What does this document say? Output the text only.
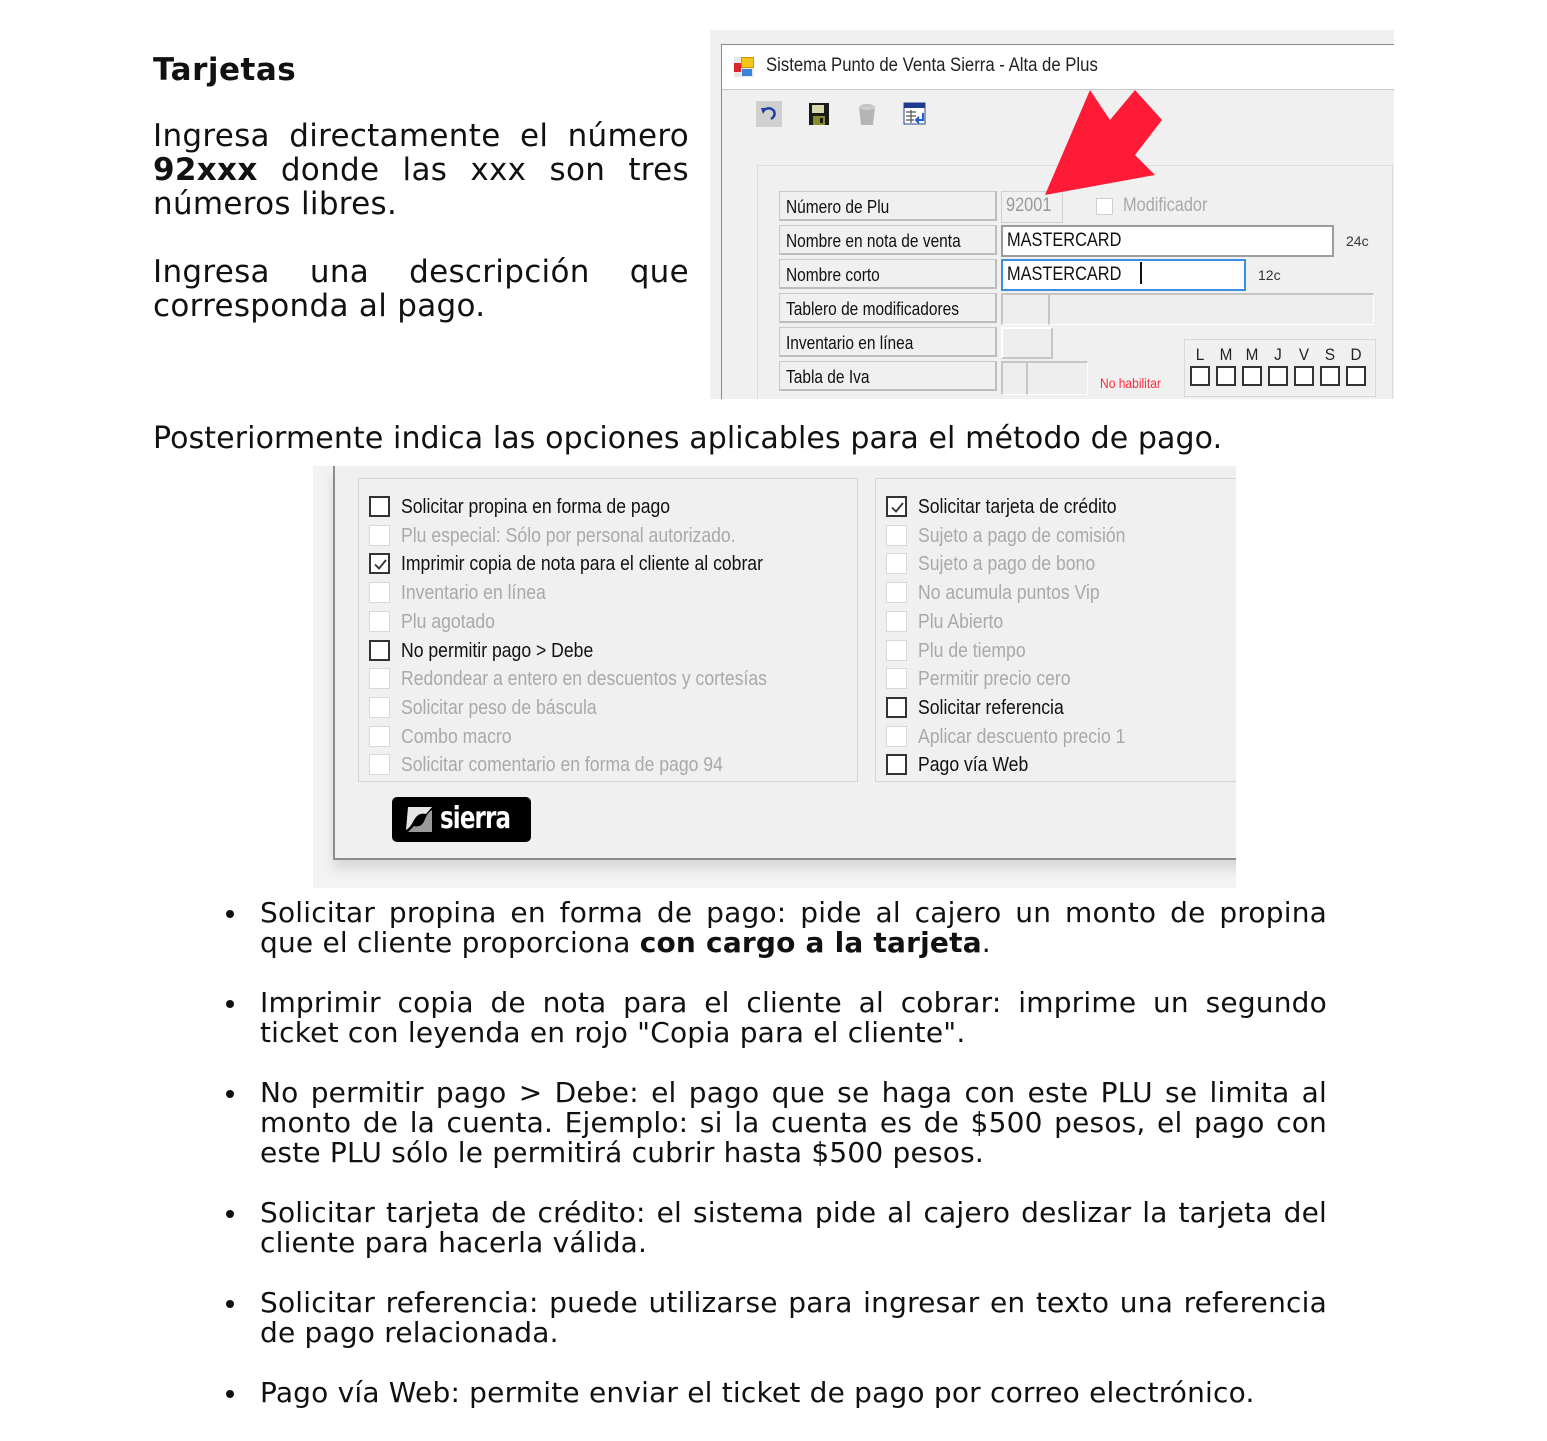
Tarjetas
Ingresa directamente el número 92xxx donde las xxx son tres números libres.
Ingresa una descripción que corresponda al pago.
Sistema Punto de Venta Sierra - Alta de Plus
Número de Plu	92001	Modificador
Nombre en nota de venta	MASTERCARD	24c
Nombre corto	MASTERCARD	12c
Tablero de modificadores
Inventario en línea
Tabla de Iva	No habilitar
L M M J	V S D
Posteriormente indica las opciones aplicables para el método de pago.
Solicitar propina en forma de pago
Plu especial: Sólo por personal autorizado.
Imprimir copia de nota para el cliente al cobrar
Inventario en línea
Plu agotado
No permitir pago > Debe
Redondear a entero en descuentos y cortesías
Solicitar peso de báscula
Combo macro
Solicitar comentario en forma de pago 94
Solicitar tarjeta de crédito
Sujeto a pago de comisión
Sujeto a pago de bono
No acumula puntos Vip
Plu Abierto
Plu de tiempo
Permitir precio cero
Solicitar referencia
Aplicar descuento precio 1
Pago vía Web
sierra
Solicitar propina en forma de pago: pide al cajero un monto de propina que el cliente proporciona con cargo a la tarjeta.
Imprimir copia de nota para el cliente al cobrar: imprime un segundo ticket con leyenda en rojo "Copia para el cliente".
No permitir pago > Debe: el pago que se haga con este PLU se limita al monto de la cuenta. Ejemplo: si la cuenta es de $500 pesos, el pago con este PLU sólo le permitirá cubrir hasta $500 pesos.
Solicitar tarjeta de crédito: el sistema pide al cajero deslizar la tarjeta del cliente para hacerla válida.
Solicitar referencia: puede utilizarse para ingresar en texto una referencia de pago relacionada.
Pago vía Web: permite enviar el ticket de pago por correo electrónico.
